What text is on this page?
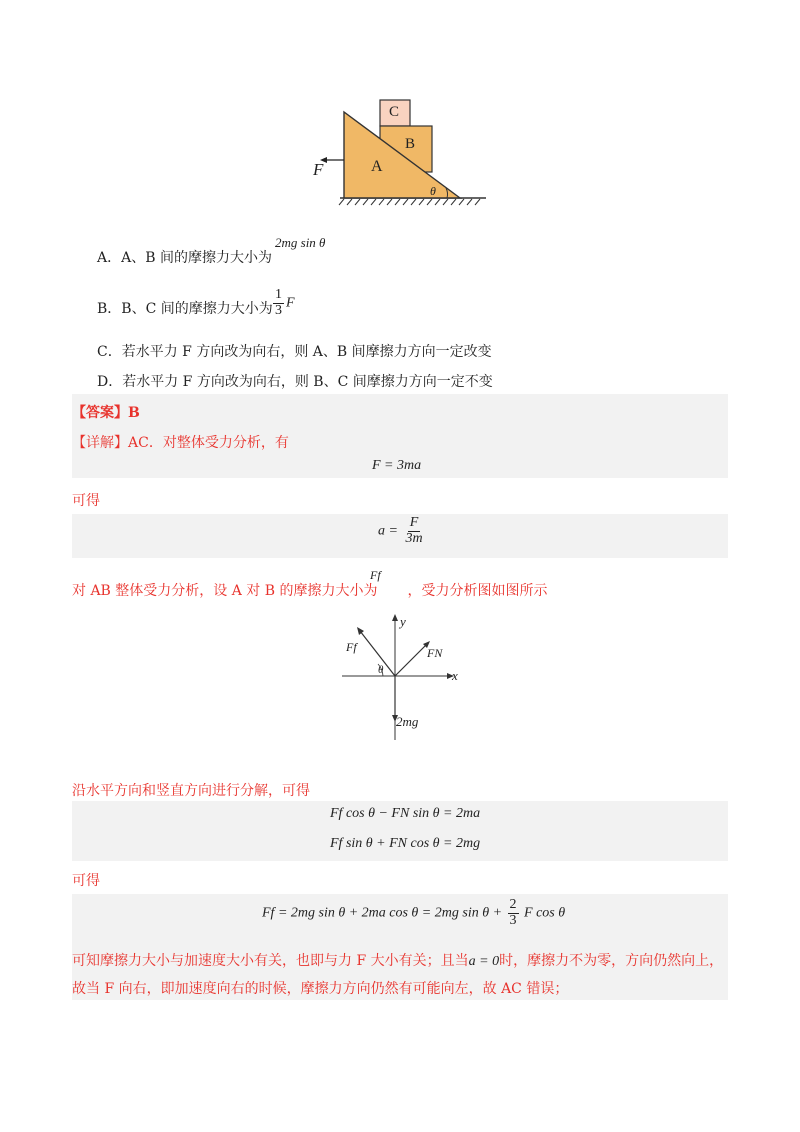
C
B
A
F
θ
2mg sin θ
A．A、B 间的摩擦力大小为
B．B、C 间的摩擦力大小为 $\frac{1}{3}$ F
C．若水平力 F 方向改为向右，则 A、B 间摩擦力方向一定改变
D．若水平力 F 方向改为向右，则 B、C 间摩擦力方向一定不变
【答案】B
【详解】AC．对整体受力分析，有
F = 3ma
可得
$a = \frac{F}{3m}$
对 AB 整体受力分析，设 A 对 B 的摩擦力大小为 ，受力分析图如图所示
Ff
y
x
Ff	FN
θ
2mg
沿水平方向和竖直方向进行分解，可得
Ff cos θ − FN sin θ = 2ma
Ff sin θ + FN cos θ = 2mg
可得
Ff = 2mg sin θ + 2ma cos θ = 2mg $\sin \theta + \frac{2}{3}$ F cos θ
可知摩擦力大小与加速度大小有关，也即与力 F 大小有关；且当a = 0时，摩擦力不为零，方向仍然向上，
故当 F 向右，即加速度向右的时候，摩擦力方向仍然有可能向左，故 AC 错误；
